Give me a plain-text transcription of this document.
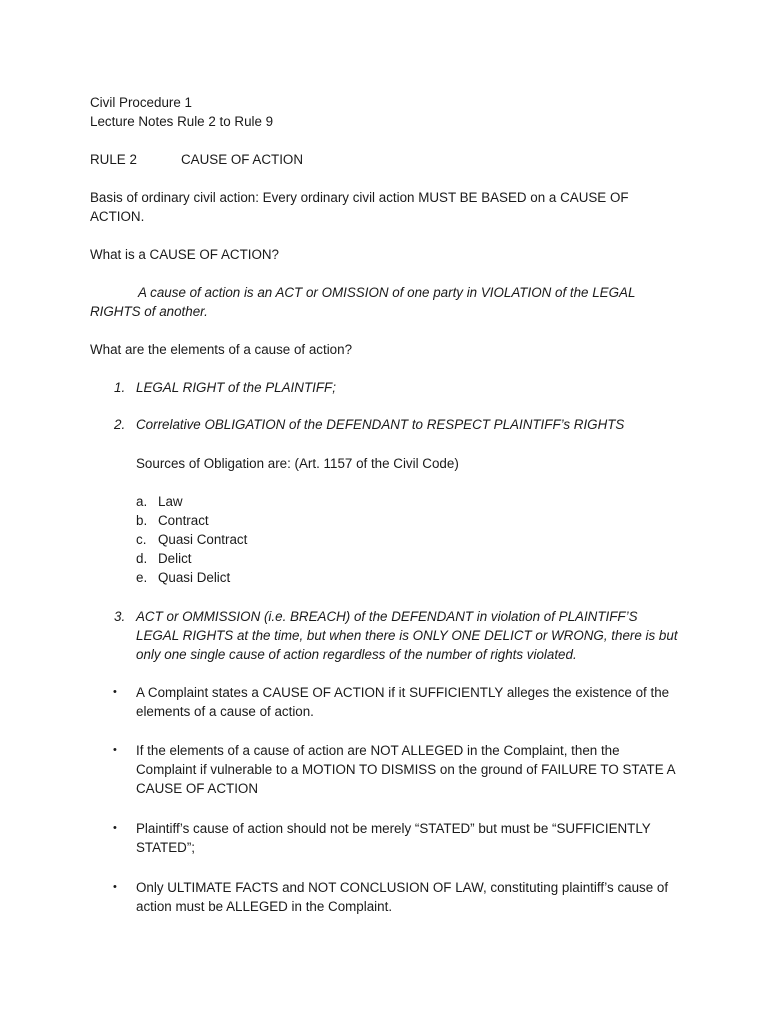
Civil Procedure 1

Lecture Notes Rule 2 to Rule 9

RULE 2	CAUSE OF ACTION

Basis of ordinary civil action: Every ordinary civil action MUST BE BASED on a CAUSE OF ACTION.

What is a CAUSE OF ACTION?

A cause of action is an ACT or OMISSION of one party in VIOLATION of the LEGAL RIGHTS of another.

What are the elements of a cause of action?

1. LEGAL RIGHT of the PLAINTIFF;

2. Correlative OBLIGATION of the DEFENDANT to RESPECT PLAINTIFF’s RIGHTS

Sources of Obligation are: (Art. 1157 of the Civil Code)

a. Law
b. Contract
c. Quasi Contract
d. Delict
e. Quasi Delict
3. ACT or OMMISSION (i.e. BREACH) of the DEFENDANT in violation of PLAINTIFF’S LEGAL RIGHTS at the time, but when there is ONLY ONE DELICT or WRONG, there is but only one single cause of action regardless of the number of rights violated.

•	A Complaint states a CAUSE OF ACTION if it SUFFICIENTLY alleges the existence of the elements of a cause of action.

•	If the elements of a cause of action are NOT ALLEGED in the Complaint, then the Complaint if vulnerable to a MOTION TO DISMISS on the ground of FAILURE TO STATE A CAUSE OF ACTION

•	Plaintiff’s cause of action should not be merely “STATED” but must be “SUFFICIENTLY STATED”;

•	Only ULTIMATE FACTS and NOT CONCLUSION OF LAW, constituting plaintiff’s cause of action must be ALLEGED in the Complaint.
